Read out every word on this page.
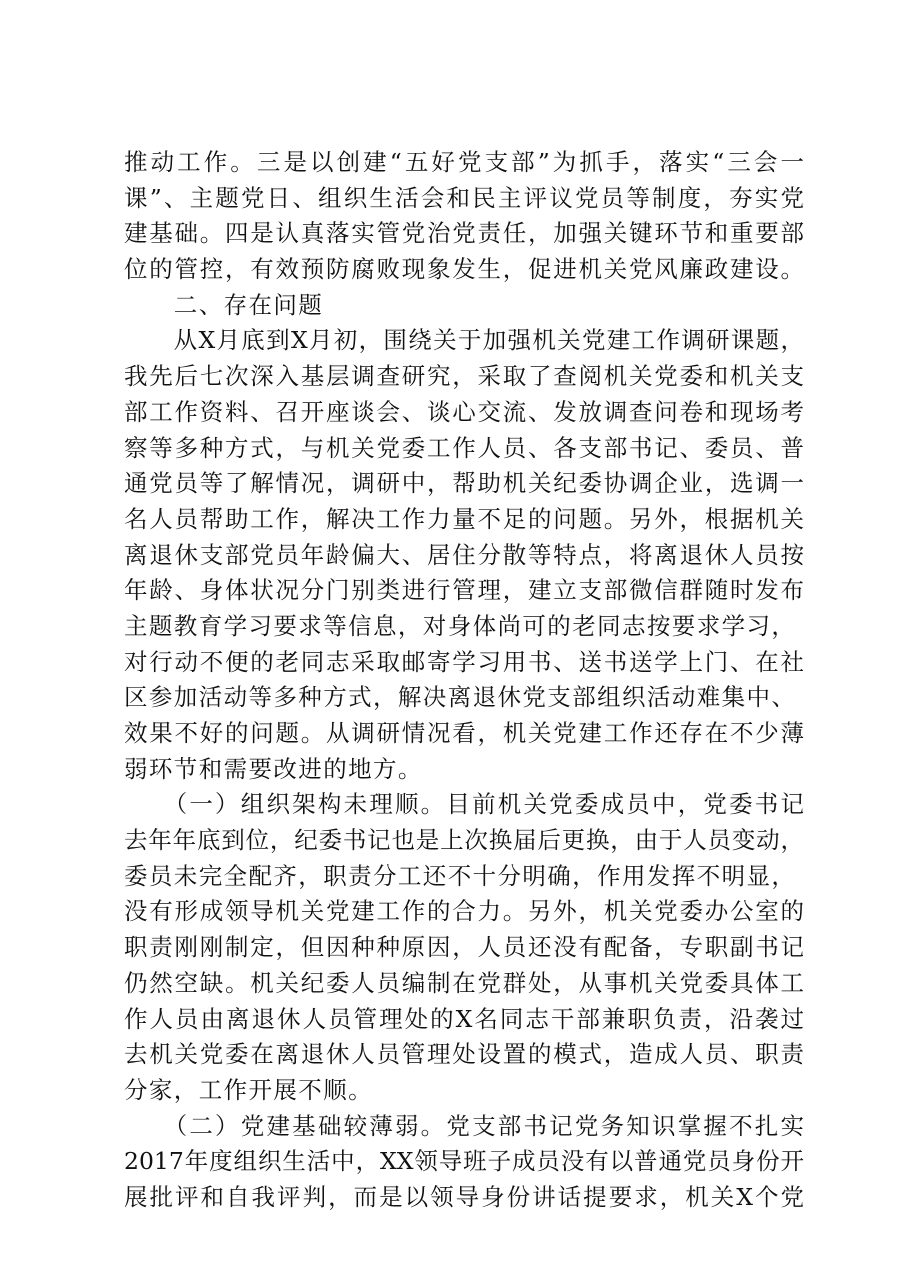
推动工作。三是以创建“五好党支部”为抓手，落实“三会一
课”、主题党日、组织生活会和民主评议党员等制度，夯实党
建基础。四是认真落实管党治党责任，加强关键环节和重要部
位的管控，有效预防腐败现象发生，促进机关党风廉政建设。
　　二、存在问题
　　从X月底到X月初，围绕关于加强机关党建工作调研课题，
我先后七次深入基层调查研究，采取了查阅机关党委和机关支
部工作资料、召开座谈会、谈心交流、发放调查问卷和现场考
察等多种方式，与机关党委工作人员、各支部书记、委员、普
通党员等了解情况，调研中，帮助机关纪委协调企业，选调一
名人员帮助工作，解决工作力量不足的问题。另外，根据机关
离退休支部党员年龄偏大、居住分散等特点，将离退休人员按
年龄、身体状况分门别类进行管理，建立支部微信群随时发布
主题教育学习要求等信息，对身体尚可的老同志按要求学习，
对行动不便的老同志采取邮寄学习用书、送书送学上门、在社
区参加活动等多种方式，解决离退休党支部组织活动难集中、
效果不好的问题。从调研情况看，机关党建工作还存在不少薄
弱环节和需要改进的地方。
　　（一）组织架构未理顺。目前机关党委成员中，党委书记
去年年底到位，纪委书记也是上次换届后更换，由于人员变动，
委员未完全配齐，职责分工还不十分明确，作用发挥不明显，
没有形成领导机关党建工作的合力。另外，机关党委办公室的
职责刚刚制定，但因种种原因，人员还没有配备，专职副书记
仍然空缺。机关纪委人员编制在党群处，从事机关党委具体工
作人员由离退休人员管理处的X名同志干部兼职负责，沿袭过
去机关党委在离退休人员管理处设置的模式，造成人员、职责
分家，工作开展不顺。
　　（二）党建基础较薄弱。党支部书记党务知识掌握不扎实
2017年度组织生活中，XX领导班子成员没有以普通党员身份开
展批评和自我评判，而是以领导身份讲话提要求，机关X个党
